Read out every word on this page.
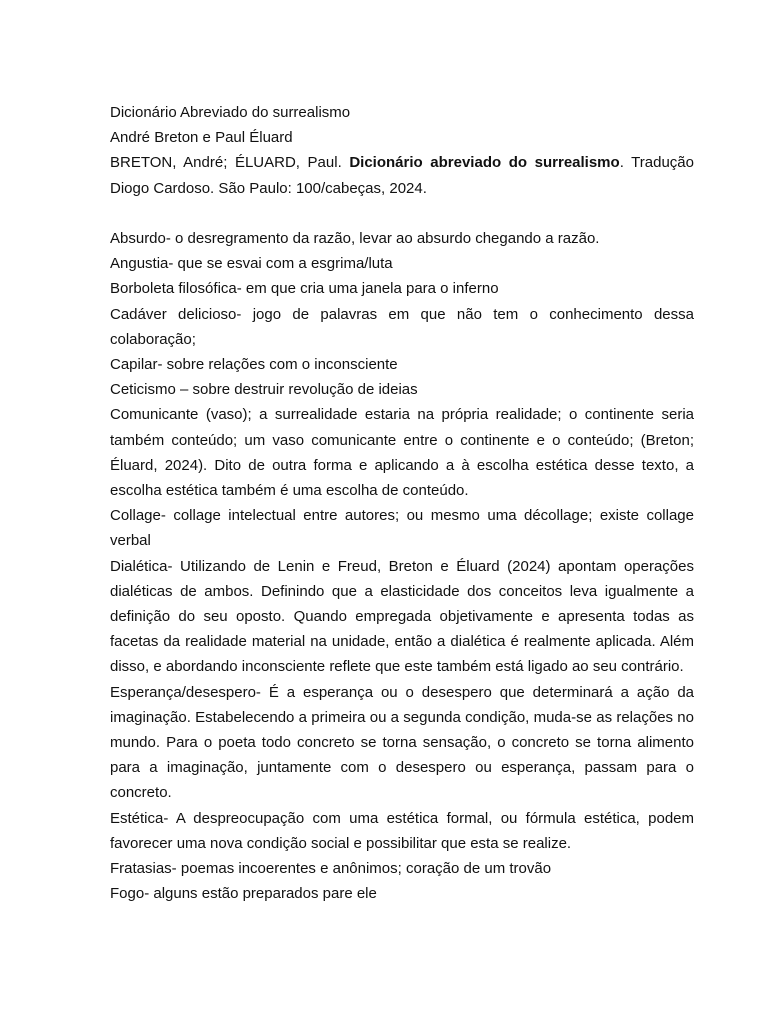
Dicionário Abreviado do surrealismo

André Breton e Paul Éluard

BRETON, André; ÉLUARD, Paul. Dicionário abreviado do surrealismo. Tradução Diogo Cardoso. São Paulo: 100/cabeças, 2024.

Absurdo- o desregramento da razão, levar ao absurdo chegando a razão.

Angustia- que se esvai com a esgrima/luta

Borboleta filosófica- em que cria uma janela para o inferno

Cadáver delicioso- jogo de palavras em que não tem o conhecimento dessa colaboração;

Capilar- sobre relações com o inconsciente

Ceticismo – sobre destruir revolução de ideias

Comunicante (vaso); a surrealidade estaria na própria realidade; o continente seria também conteúdo; um vaso comunicante entre o continente e o conteúdo; (Breton; Éluard, 2024). Dito de outra forma e aplicando a à escolha estética desse texto, a escolha estética também é uma escolha de conteúdo.

Collage- collage intelectual entre autores; ou mesmo uma décollage; existe collage verbal

Dialética- Utilizando de Lenin e Freud, Breton e Éluard (2024) apontam operações dialéticas de ambos. Definindo que a elasticidade dos conceitos leva igualmente a definição do seu oposto. Quando empregada objetivamente e apresenta todas as facetas da realidade material na unidade, então a dialética é realmente aplicada. Além disso, e abordando inconsciente reflete que este também está ligado ao seu contrário.

Esperança/desespero- É a esperança ou o desespero que determinará a ação da imaginação. Estabelecendo a primeira ou a segunda condição, muda-se as relações no mundo. Para o poeta todo concreto se torna sensação, o concreto se torna alimento para a imaginação, juntamente com o desespero ou esperança, passam para o concreto.

Estética- A despreocupação com uma estética formal, ou fórmula estética, podem favorecer uma nova condição social e possibilitar que esta se realize.

Fratasias- poemas incoerentes e anônimos; coração de um trovão

Fogo- alguns estão preparados pare ele
